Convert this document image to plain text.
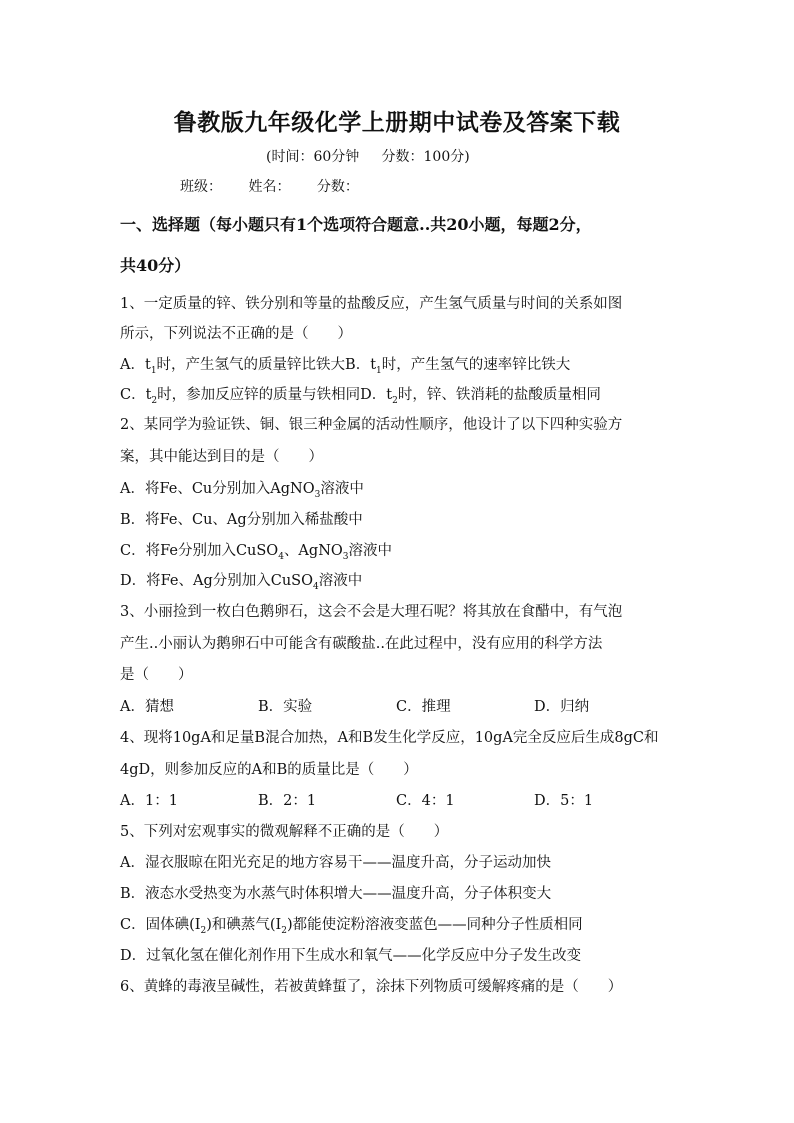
鲁教版九年级化学上册期中试卷及答案下载
(时间：60分钟     分数：100分)
班级： 姓名： 分数：
一、选择题（每小题只有1个选项符合题意..共20小题，每题2分，
共40分）
1、一定质量的锌、铁分别和等量的盐酸反应，产生氢气质量与时间的关系如图
所示，下列说法不正确的是（　　）
A．$t_1$时，产生氢气的质量锌比铁大B．$t_1$时，产生氢气的速率锌比铁大
C．$t_2$时，参加反应锌的质量与铁相同D．$t_2$时，锌、铁消耗的盐酸质量相同
2、某同学为验证铁、铜、银三种金属的活动性顺序，他设计了以下四种实验方
案，其中能达到目的是（　　）
A．将Fe、Cu分别加入AgNO$_3$溶液中
B．将Fe、Cu、Ag分别加入稀盐酸中
C．将Fe分别加入CuSO$_4$、AgNO$_3$溶液中
D．将Fe、Ag分别加入CuSO$_4$溶液中
3、小丽捡到一枚白色鹅卵石，这会不会是大理石呢？将其放在食醋中，有气泡
产生..小丽认为鹅卵石中可能含有碳酸盐..在此过程中，没有应用的科学方法
是（　　）
A．猜想	B．实验	C．推理	D．归纳
4、现将10gA和足量B混合加热，A和B发生化学反应，10gA完全反应后生成8gC和
4gD，则参加反应的A和B的质量比是（　　）
A．1：1	B．2：1	C．4：1	D．5：1
5、下列对宏观事实的微观解释不正确的是（　　）
A．湿衣服晾在阳光充足的地方容易干——温度升高，分子运动加快
B．液态水受热变为水蒸气时体积增大——温度升高，分子体积变大
C．固体碘$(I_2)$和碘蒸气$(I_2)$都能使淀粉溶液变蓝色——同种分子性质相同
D．过氧化氢在催化剂作用下生成水和氧气——化学反应中分子发生改变
6、黄蜂的毒液呈碱性，若被黄蜂蜇了，涂抹下列物质可缓解疼痛的是（　　）
